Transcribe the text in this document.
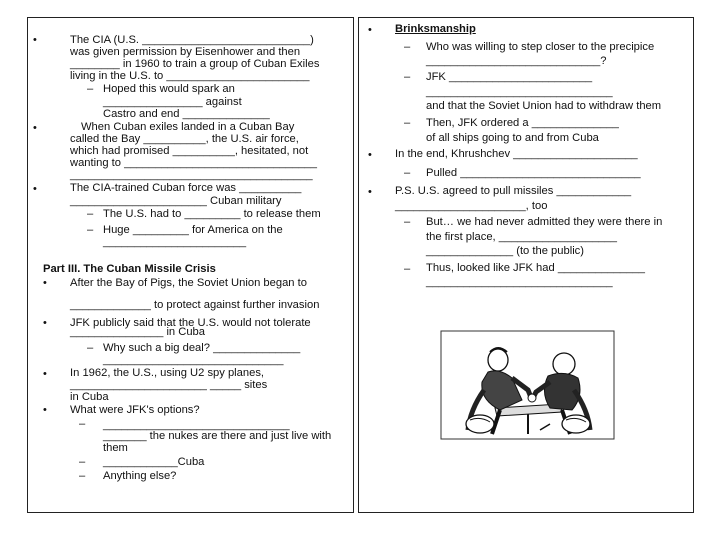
•	The CIA (U.S. ___________________________)
was given permission by Eisenhower and then
________ in 1960 to train a group of Cuban Exiles
living in the U.S. to _______________________
– Hoped this would spark an
________________ against
Castro and end ______________
•	When Cuban exiles landed in a Cuban Bay
called the Bay __________, the U.S. air force,
which had promised __________, hesitated, not
wanting to _______________________________
_______________________________________
•	The CIA-trained Cuban force was __________
______________________ Cuban military
– The U.S. had to _________ to release them
– Huge _________ for America on the
_______________________
Part III. The Cuban Missile Crisis
• After the Bay of Pigs, the Soviet Union began to
_____________ to protect against further invasion
• JFK publicly said that the U.S. would not tolerate
_______________ in Cuba
– Why such a big deal? ______________
_____________________________
• In 1962, the U.S., using U2 spy planes,
______________________ _____ sites
in Cuba
• What were JFK's options?
– ______________________________
_______ the nukes are there and just live with
them
– ____________Cuba
– Anything else?
• Brinksmanship
– Who was willing to step closer to the precipice
____________________________?
– JFK _______________________
______________________________
and that the Soviet Union had to withdraw them
– Then, JFK ordered a ______________
of all ships going to and from Cuba
• In the end, Khrushchev ____________________
– Pulled _____________________________
• P.S. U.S. agreed to pull missiles ____________
_____________________, too
– But… we had never admitted they were there in
the first place, ___________________
______________ (to the public)
– Thus, looked like JFK had ______________
______________________________
